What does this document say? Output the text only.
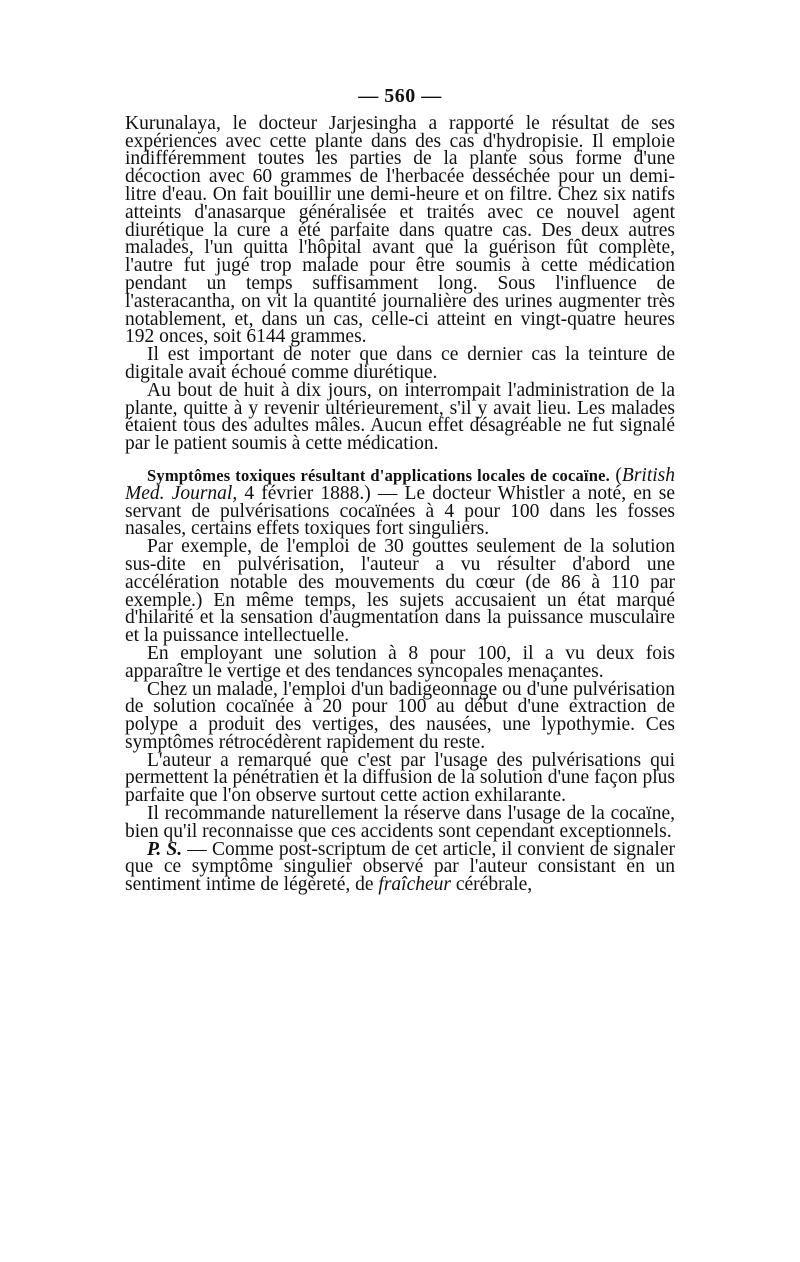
— 560 —

Kurunalaya, le docteur Jarjesingha a rapporté le résultat de ses expériences avec cette plante dans des cas d'hydropisie. Il emploie indifféremment toutes les parties de la plante sous forme d'une décoction avec 60 grammes de l'herbacée desséchée pour un demi-litre d'eau. On fait bouillir une demi-heure et on filtre. Chez six natifs atteints d'anasarque généralisée et traités avec ce nouvel agent diurétique la cure a été parfaite dans quatre cas. Des deux autres malades, l'un quitta l'hôpital avant que la guérison fût complète, l'autre fut jugé trop malade pour être soumis à cette médication pendant un temps suffisamment long. Sous l'influence de l'asteracantha, on vit la quantité journalière des urines augmenter très notablement, et, dans un cas, celle-ci atteint en vingt-quatre heures 192 onces, soit 6144 grammes.

Il est important de noter que dans ce dernier cas la teinture de digitale avait échoué comme diurétique.

Au bout de huit à dix jours, on interrompait l'administration de la plante, quitte à y revenir ultérieurement, s'il y avait lieu. Les malades étaient tous des adultes mâles. Aucun effet désagréable ne fut signalé par le patient soumis à cette médication.

Symptômes toxiques résultant d'applications locales de cocaïne. (British Med. Journal, 4 février 1888.) — Le docteur Whistler a noté, en se servant de pulvérisations cocaïnées à 4 pour 100 dans les fosses nasales, certains effets toxiques fort singuliers.

Par exemple, de l'emploi de 30 gouttes seulement de la solution sus-dite en pulvérisation, l'auteur a vu résulter d'abord une accélération notable des mouvements du cœur (de 86 à 110 par exemple.) En même temps, les sujets accusaient un état marqué d'hilarité et la sensation d'augmentation dans la puissance musculaire et la puissance intellectuelle.

En employant une solution à 8 pour 100, il a vu deux fois apparaître le vertige et des tendances syncopales menaçantes.

Chez un malade, l'emploi d'un badigeonnage ou d'une pulvérisation de solution cocaïnée à 20 pour 100 au début d'une extraction de polype a produit des vertiges, des nausées, une lypothymie. Ces symptômes rétrocédèrent rapidement du reste.

L'auteur a remarqué que c'est par l'usage des pulvérisations qui permettent la pénétratien et la diffusion de la solution d'une façon plus parfaite que l'on observe surtout cette action exhilarante.

Il recommande naturellement la réserve dans l'usage de la cocaïne, bien qu'il reconnaisse que ces accidents sont cependant exceptionnels.

P. S. — Comme post-scriptum de cet article, il convient de signaler que ce symptôme singulier observé par l'auteur consistant en un sentiment intime de légèreté, de fraîcheur cérébrale,
